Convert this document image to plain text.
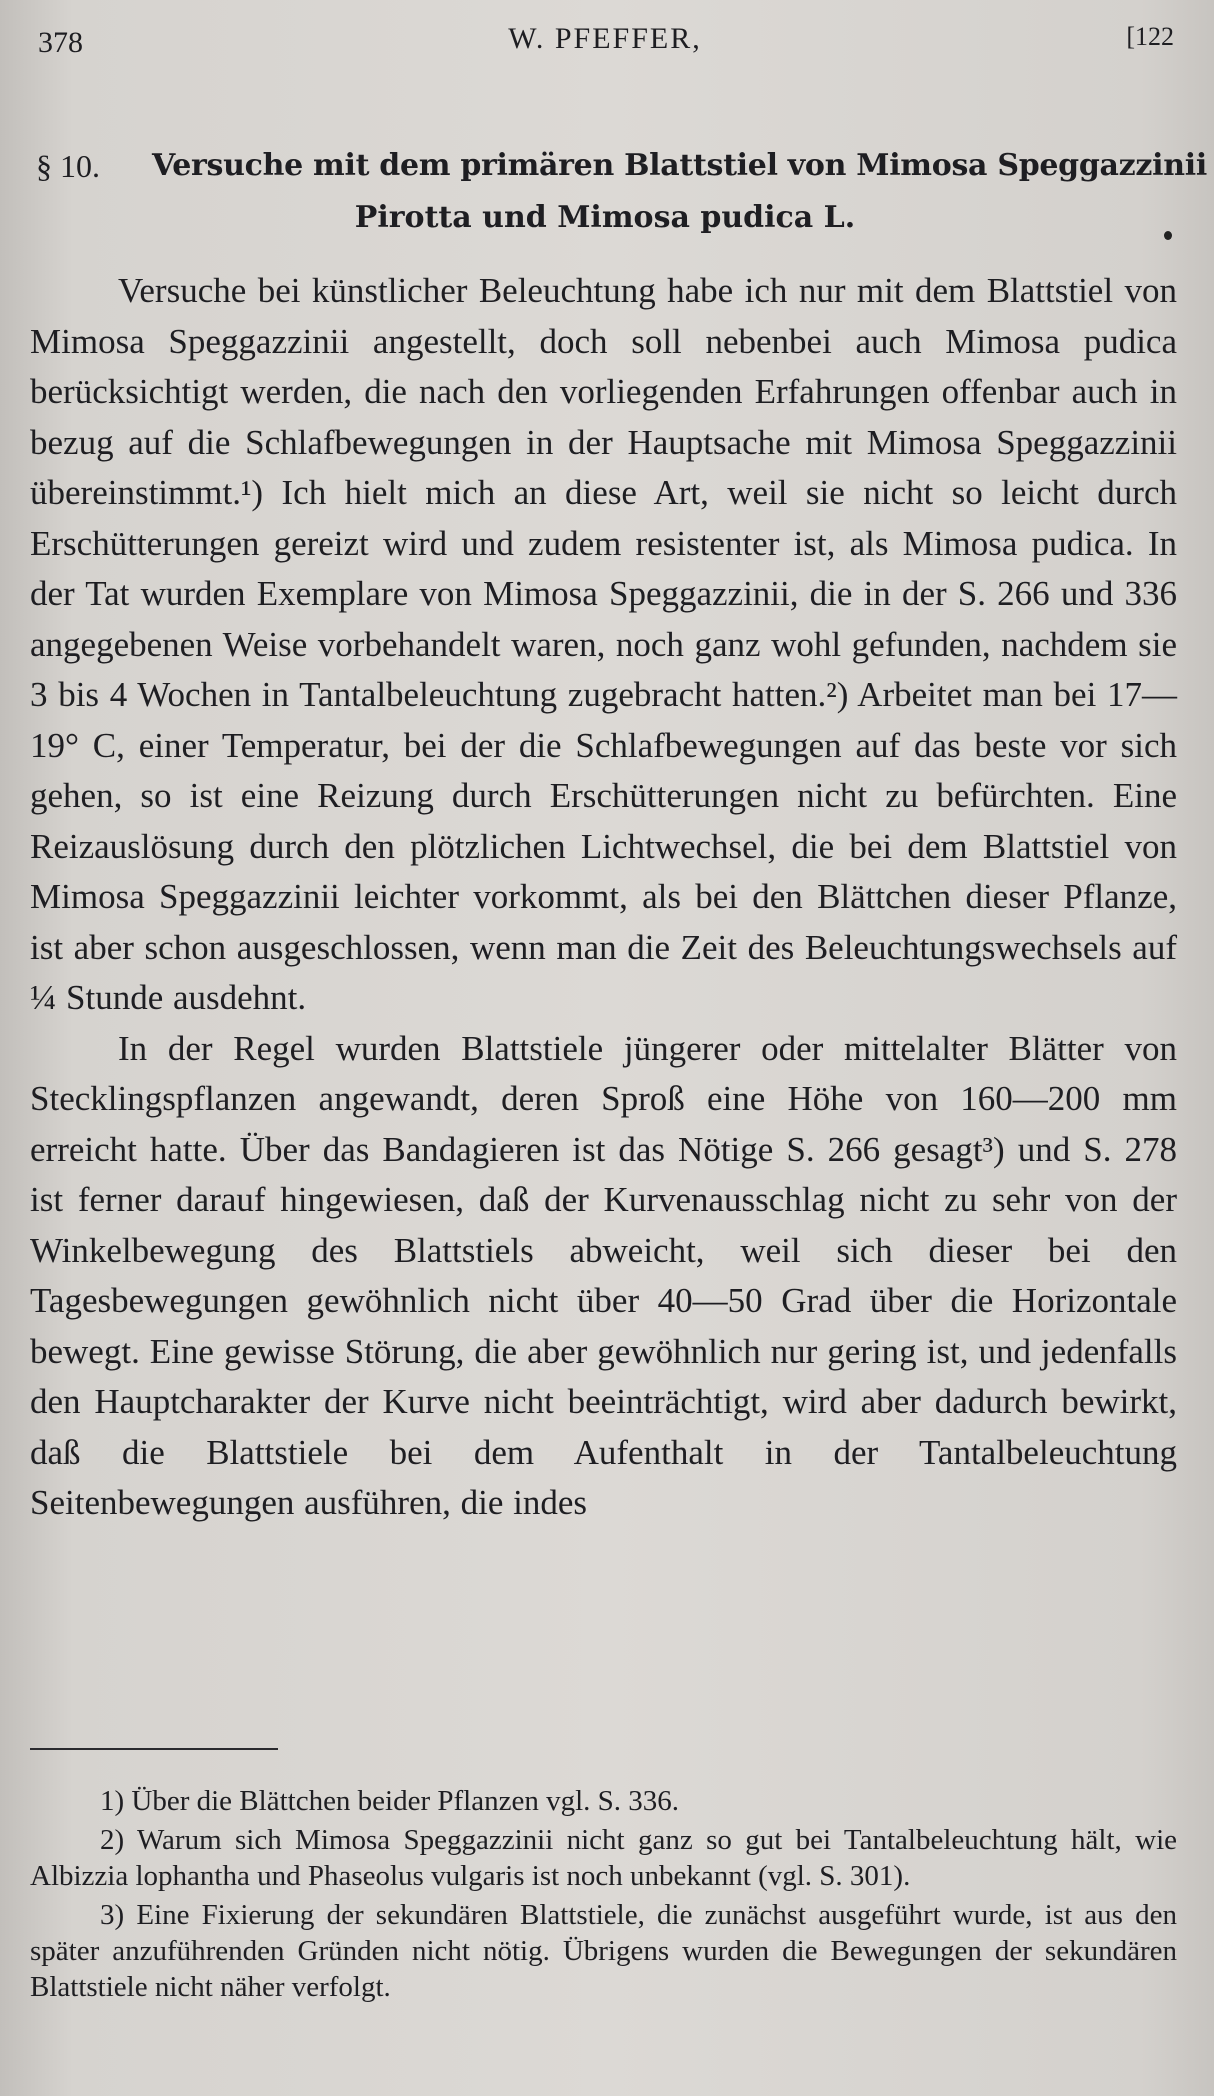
378	W. PFEFFER,	[122
§ 10. Versuche mit dem primären Blattstiel von Mimosa Speggazzinii
Pirotta und Mimosa pudica L.

Versuche bei künstlicher Beleuchtung habe ich nur mit dem Blattstiel von Mimosa Speggazzinii angestellt, doch soll nebenbei auch Mimosa pudica berücksichtigt werden, die nach den vorliegenden Erfahrungen offenbar auch in bezug auf die Schlafbewegungen in der Hauptsache mit Mimosa Speggazzinii übereinstimmt.¹) Ich hielt mich an diese Art, weil sie nicht so leicht durch Erschütterungen gereizt wird und zudem resistenter ist, als Mimosa pudica. In der Tat wurden Exemplare von Mimosa Speggazzinii, die in der S. 266 und 336 angegebenen Weise vorbehandelt waren, noch ganz wohl gefunden, nachdem sie 3 bis 4 Wochen in Tantalbeleuchtung zugebracht hatten.²) Arbeitet man bei 17—19° C, einer Temperatur, bei der die Schlafbewegungen auf das beste vor sich gehen, so ist eine Reizung durch Erschütterungen nicht zu befürchten. Eine Reizauslösung durch den plötzlichen Lichtwechsel, die bei dem Blattstiel von Mimosa Speggazzinii leichter vorkommt, als bei den Blättchen dieser Pflanze, ist aber schon ausgeschlossen, wenn man die Zeit des Beleuchtungswechsels auf ¼ Stunde ausdehnt.

In der Regel wurden Blattstiele jüngerer oder mittelalter Blätter von Stecklingspflanzen angewandt, deren Sproß eine Höhe von 160—200 mm erreicht hatte. Über das Bandagieren ist das Nötige S. 266 gesagt³) und S. 278 ist ferner darauf hingewiesen, daß der Kurvenausschlag nicht zu sehr von der Winkelbewegung des Blattstiels abweicht, weil sich dieser bei den Tagesbewegungen gewöhnlich nicht über 40—50 Grad über die Horizontale bewegt. Eine gewisse Störung, die aber gewöhnlich nur gering ist, und jedenfalls den Hauptcharakter der Kurve nicht beeinträchtigt, wird aber dadurch bewirkt, daß die Blattstiele bei dem Aufenthalt in der Tantalbeleuchtung Seitenbewegungen ausführen, die indes

1) Über die Blättchen beider Pflanzen vgl. S. 336.

2) Warum sich Mimosa Speggazzinii nicht ganz so gut bei Tantalbeleuchtung hält, wie Albizzia lophantha und Phaseolus vulgaris ist noch unbekannt (vgl. S. 301).

3) Eine Fixierung der sekundären Blattstiele, die zunächst ausgeführt wurde, ist aus den später anzuführenden Gründen nicht nötig. Übrigens wurden die Bewegungen der sekundären Blattstiele nicht näher verfolgt.
